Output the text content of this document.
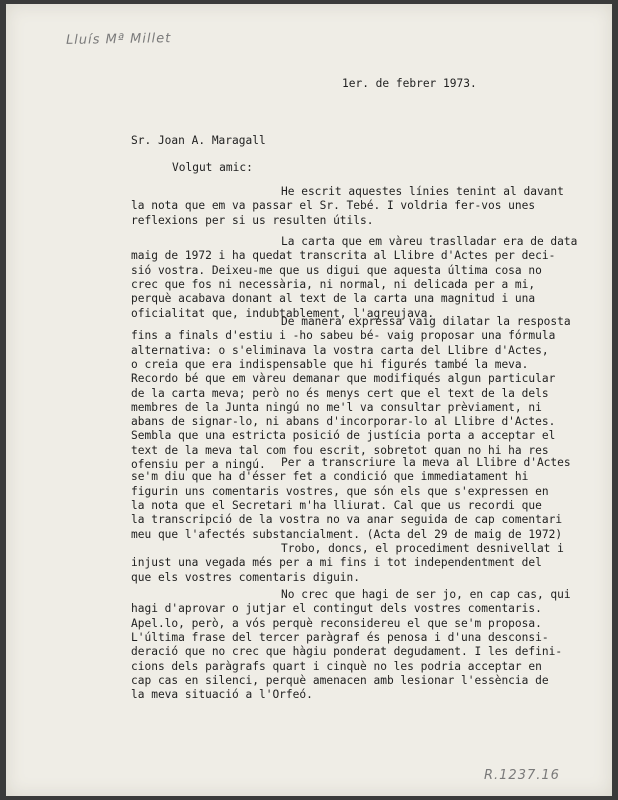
Lluís Mª Millet
1er. de febrer 1973.
Sr. Joan A. Maragall
Volgut amic:
He escrit aquestes línies tenint al davant
la nota que em va passar el Sr. Tebé. I voldria fer-vos unes
reflexions per si us resulten útils.
La carta que em vàreu traslladar era de data
maig de 1972 i ha quedat transcrita al Llibre d'Actes per deci-
sió vostra. Deixeu-me que us digui que aquesta última cosa no
crec que fos ni necessària, ni normal, ni delicada per a mi,
perquè acabava donant al text de la carta una magnitud i una
oficialitat que, indubtablement, l'agreujava.
De manera expressa vaig dilatar la resposta
fins a finals d'estiu i -ho sabeu bé- vaig proposar una fórmula
alternativa: o s'eliminava la vostra carta del Llibre d'Actes,
o creia que era indispensable que hi figurés també la meva.
Recordo bé que em vàreu demanar que modifiqués algun particular
de la carta meva; però no és menys cert que el text de la dels
membres de la Junta ningú no me'l va consultar prèviament, ni
abans de signar-lo, ni abans d'incorporar-lo al Llibre d'Actes.
Sembla que una estricta posició de justícia porta a acceptar el
text de la meva tal com fou escrit, sobretot quan no hi ha res
ofensiu per a ningú. Per a transcriure la meva al Llibre d'Actes
se'm diu que ha d'ésser fet a condició que immediatament hi
figurin uns comentaris vostres, que són els que s'expressen en
la nota que el Secretari m'ha lliurat. Cal que us recordi que
la transcripció de la vostra no va anar seguida de cap comentari
meu que l'afectés substancialment. (Acta del 29 de maig de 1972)
Trobo, doncs, el procediment desnivellat i
injust una vegada més per a mi fins i tot independentment del
que els vostres comentaris diguin.
No crec que hagi de ser jo, en cap cas, qui
hagi d'aprovar o jutjar el contingut dels vostres comentaris.
Apel.lo, però, a vós perquè reconsidereu el que se'm proposa.
L'última frase del tercer paràgraf és penosa i d'una desconsi-
deració que no crec que hàgiu ponderat degudament. I les defini-
cions dels paràgrafs quart i cinquè no les podria acceptar en
cap cas en silenci, perquè amenacen amb lesionar l'essència de
la meva situació a l'Orfeó.
R.1237.16
